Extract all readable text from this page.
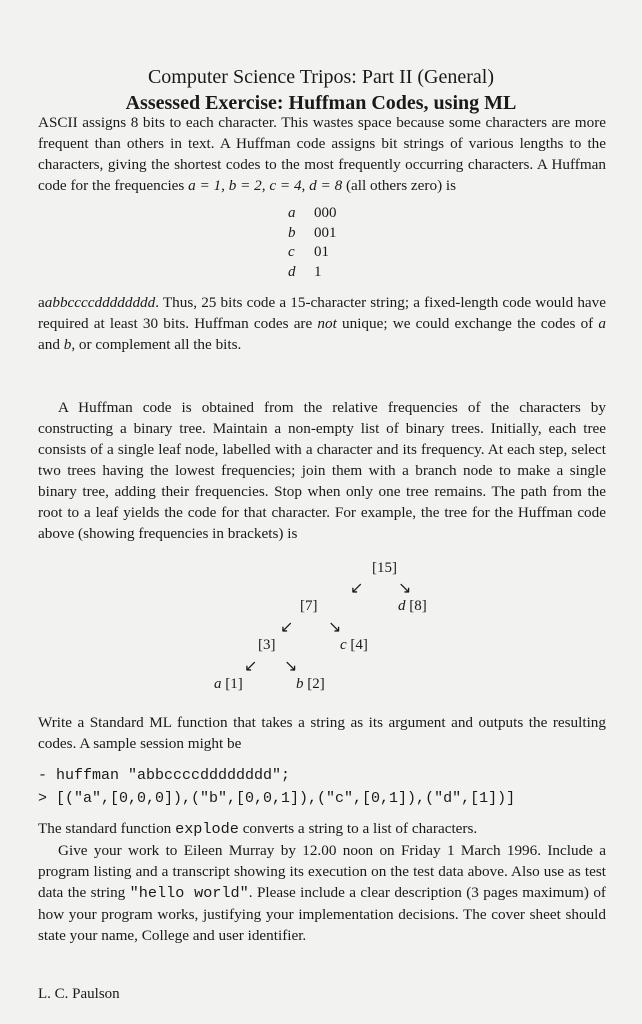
Computer Science Tripos: Part II (General)
Assessed Exercise: Huffman Codes, using ML
ASCII assigns 8 bits to each character. This wastes space because some characters are more frequent than others in text. A Huffman code assigns bit strings of various lengths to the characters, giving the shortest codes to the most frequently occurring characters. A Huffman code for the frequencies a = 1, b = 2, c = 4, d = 8 (all others zero) is
a 000
b 001
c 01
d 1
aabbccccdddddddd. Thus, 25 bits code a 15-character string; a fixed-length code would have required at least 30 bits. Huffman codes are not unique; we could exchange the codes of a and b, or complement all the bits.
A Huffman code is obtained from the relative frequencies of the characters by constructing a binary tree. Maintain a non-empty list of binary trees. Initially, each tree consists of a single leaf node, labelled with a character and its frequency. At each step, select two trees having the lowest frequencies; join them with a branch node to make a single binary tree, adding their frequencies. Stop when only one tree remains. The path from the root to a leaf yields the code for that character. For example, the tree for the Huffman code above (showing frequencies in brackets) is
[15]
↙ ↘
[7]	d [8]
↙ ↘
[3]	c [4]
↙ ↘
a [1]	b [2]
Write a Standard ML function that takes a string as its argument and outputs the resulting codes. A sample session might be
- huffman "abbccccdddddddd";
> [("a",[0,0,0]),("b",[0,0,1]),("c",[0,1]),("d",[1])]
The standard function explode converts a string to a list of characters.
Give your work to Eileen Murray by 12.00 noon on Friday 1 March 1996. Include a program listing and a transcript showing its execution on the test data above. Also use as test data the string "hello world". Please include a clear description (3 pages maximum) of how your program works, justifying your implementation decisions. The cover sheet should state your name, College and user identifier.
L. C. Paulson
